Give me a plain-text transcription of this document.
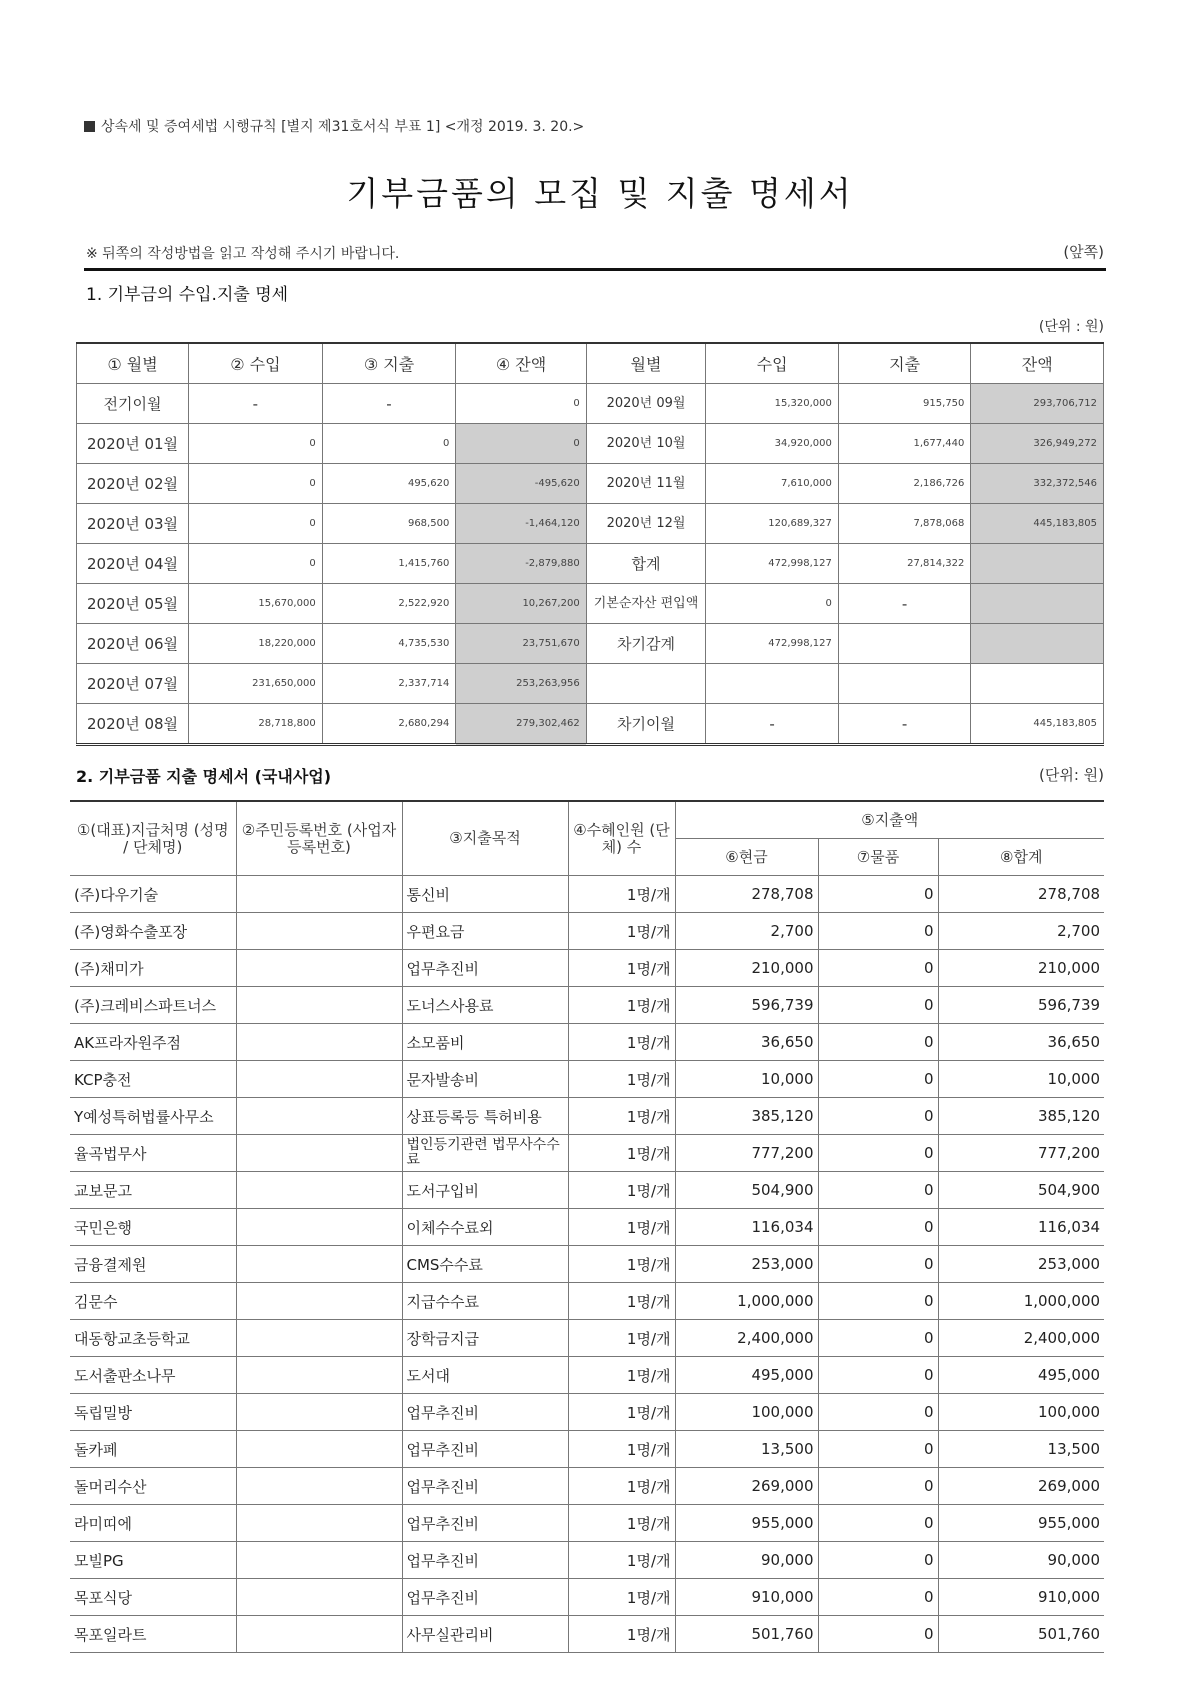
상속세 및 증여세법 시행규칙 [별지 제31호서식 부표 1] <개정 2019. 3. 20.>
기부금품의 모집 및 지출 명세서
※ 뒤쪽의 작성방법을 읽고 작성해 주시기 바랍니다.	(앞쪽)
1. 기부금의 수입.지출 명세
(단위 : 원)
① 월별	② 수입	③ 지출	④ 잔액	월별	수입	지출	잔액
전기이월	-	-	0	2020년 09월	15,320,000	915,750	293,706,712
2020년 01월	0	0	0	2020년 10월	34,920,000	1,677,440	326,949,272
2020년 02월	0	495,620	-495,620	2020년 11월	7,610,000	2,186,726	332,372,546
2020년 03월	0	968,500	-1,464,120	2020년 12월	120,689,327	7,878,068	445,183,805
2020년 04월	0	1,415,760	-2,879,880	합계	472,998,127	27,814,322	
2020년 05월	15,670,000	2,522,920	10,267,200	기본순자산 편입액	0	-	
2020년 06월	18,220,000	4,735,530	23,751,670	차기감계	472,998,127		
2020년 07월	231,650,000	2,337,714	253,263,956				
2020년 08월	28,718,800	2,680,294	279,302,462	차기이월	-	-	445,183,805
2. 기부금품 지출 명세서 (국내사업)	(단위: 원)
①(대표)지급처명 (성명 / 단체명)	②주민등록번호 (사업자등록번호)	③지출목적	④수혜인원 (단체) 수	⑤지출액		
				⑥현금	⑦물품	⑧합계
(주)다우기술		통신비	1명/개	278,708	0	278,708
(주)영화수출포장		우편요금	1명/개	2,700	0	2,700
(주)채미가		업무추진비	1명/개	210,000	0	210,000
(주)크레비스파트너스		도너스사용료	1명/개	596,739	0	596,739
AK프라자원주점		소모품비	1명/개	36,650	0	36,650
KCP충전		문자발송비	1명/개	10,000	0	10,000
Y예성특허법률사무소		상표등록등 특허비용	1명/개	385,120	0	385,120
율곡법무사		법인등기관련 법무사수수료	1명/개	777,200	0	777,200
교보문고		도서구입비	1명/개	504,900	0	504,900
국민은행		이체수수료외	1명/개	116,034	0	116,034
금융결제원		CMS수수료	1명/개	253,000	0	253,000
김문수		지급수수료	1명/개	1,000,000	0	1,000,000
대동항교초등학교		장학금지급	1명/개	2,400,000	0	2,400,000
도서출판소나무		도서대	1명/개	495,000	0	495,000
독립밀방		업무추진비	1명/개	100,000	0	100,000
돌카페		업무추진비	1명/개	13,500	0	13,500
돌머리수산		업무추진비	1명/개	269,000	0	269,000
라미띠에		업무추진비	1명/개	955,000	0	955,000
모빌PG		업무추진비	1명/개	90,000	0	90,000
목포식당		업무추진비	1명/개	910,000	0	910,000
목포일라트		사무실관리비	1명/개	501,760	0	501,760
